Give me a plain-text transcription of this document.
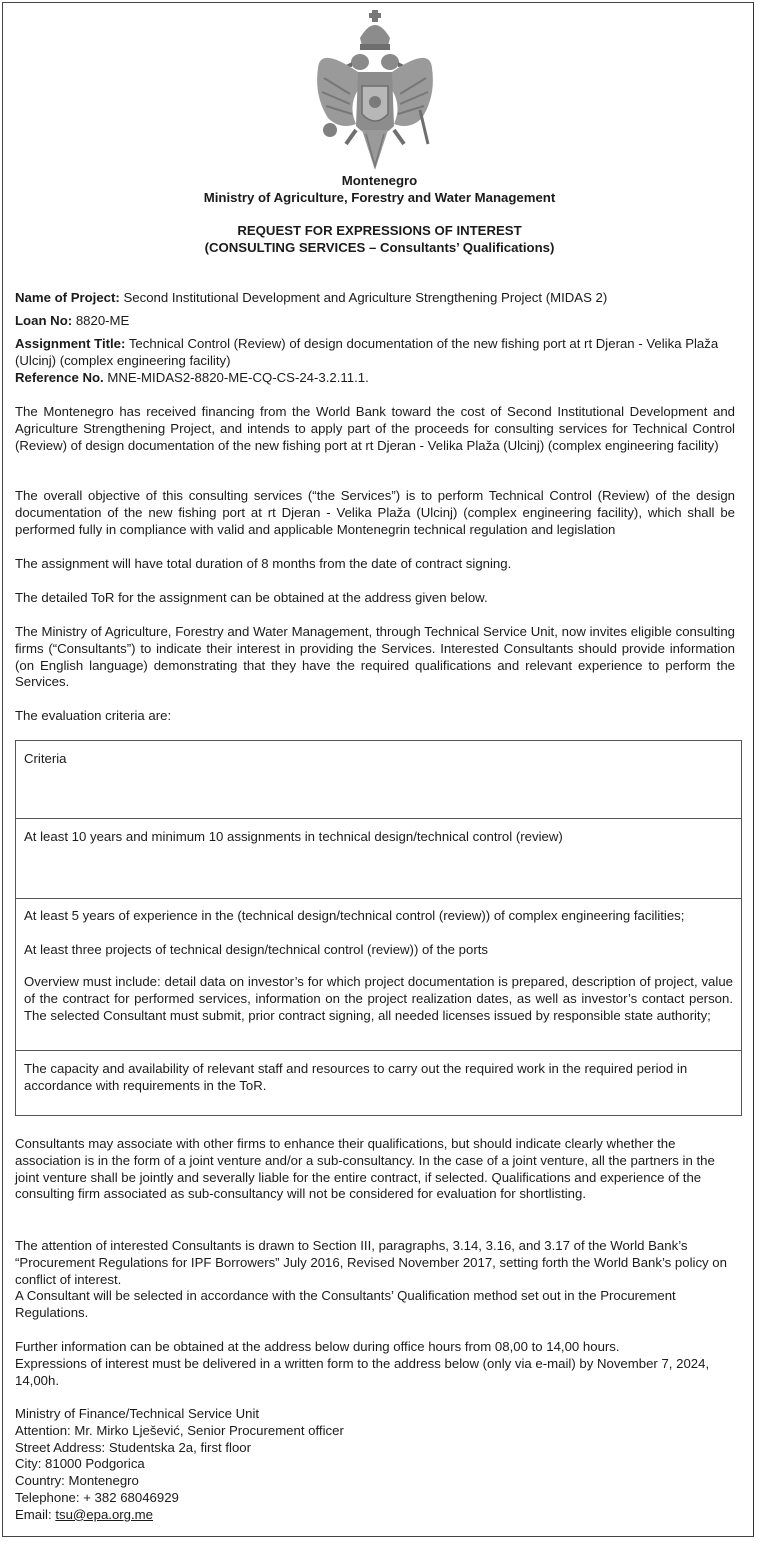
Montenegro
Ministry of Agriculture, Forestry and Water Management
REQUEST FOR EXPRESSIONS OF INTEREST
(CONSULTING SERVICES – Consultants’ Qualifications)
Name of Project: Second Institutional Development and Agriculture Strengthening Project (MIDAS 2)
Loan No: 8820-ME
Assignment Title: Technical Control (Review) of design documentation of the new fishing port at rt Djeran - Velika Plaža (Ulcinj) (complex engineering facility)
Reference No. MNE-MIDAS2-8820-ME-CQ-CS-24-3.2.11.1.
The Montenegro has received financing from the World Bank toward the cost of Second Institutional Development and Agriculture Strengthening Project, and intends to apply part of the proceeds for consulting services for Technical Control (Review) of design documentation of the new fishing port at rt Djeran - Velika Plaža (Ulcinj) (complex engineering facility)
The overall objective of this consulting services (“the Services”) is to perform Technical Control (Review) of the design documentation of the new fishing port at rt Djeran - Velika Plaža (Ulcinj) (complex engineering facility), which shall be performed fully in compliance with valid and applicable Montenegrin technical regulation and legislation
The assignment will have total duration of 8 months from the date of contract signing.
The detailed ToR for the assignment can be obtained at the address given below.
The Ministry of Agriculture, Forestry and Water Management, through Technical Service Unit, now invites eligible consulting firms (“Consultants”) to indicate their interest in providing the Services. Interested Consultants should provide information (on English language) demonstrating that they have the required qualifications and relevant experience to perform the Services.
The evaluation criteria are:
Criteria
At least 10 years and minimum 10 assignments in technical design/technical control (review)
At least 5 years of experience in the (technical design/technical control (review)) of complex engineering facilities;
At least three projects of technical design/technical control (review)) of the ports
Overview must include: detail data on investor’s for which project documentation is prepared, description of project, value of the contract for performed services, information on the project realization dates, as well as investor’s contact person. The selected Consultant must submit, prior contract signing, all needed licenses issued by responsible state authority;
The capacity and availability of relevant staff and resources to carry out the required work in the required period in accordance with requirements in the ToR.
Consultants may associate with other firms to enhance their qualifications, but should indicate clearly whether the association is in the form of a joint venture and/or a sub-consultancy. In the case of a joint venture, all the partners in the joint venture shall be jointly and severally liable for the entire contract, if selected. Qualifications and experience of the consulting firm associated as sub-consultancy will not be considered for evaluation for shortlisting.
The attention of interested Consultants is drawn to Section III, paragraphs, 3.14, 3.16, and 3.17 of the World Bank’s “Procurement Regulations for IPF Borrowers” July 2016, Revised November 2017, setting forth the World Bank’s policy on conflict of interest.
A Consultant will be selected in accordance with the Consultants’ Qualification method set out in the Procurement Regulations.
Further information can be obtained at the address below during office hours from 08,00 to 14,00 hours.
Expressions of interest must be delivered in a written form to the address below (only via e-mail) by November 7, 2024, 14,00h.
Ministry of Finance/Technical Service Unit
Attention: Mr. Mirko Lješević, Senior Procurement officer
Street Address: Studentska 2a, first floor
City: 81000 Podgorica
Country: Montenegro
Telephone: + 382 68046929
Email: tsu@epa.org.me
